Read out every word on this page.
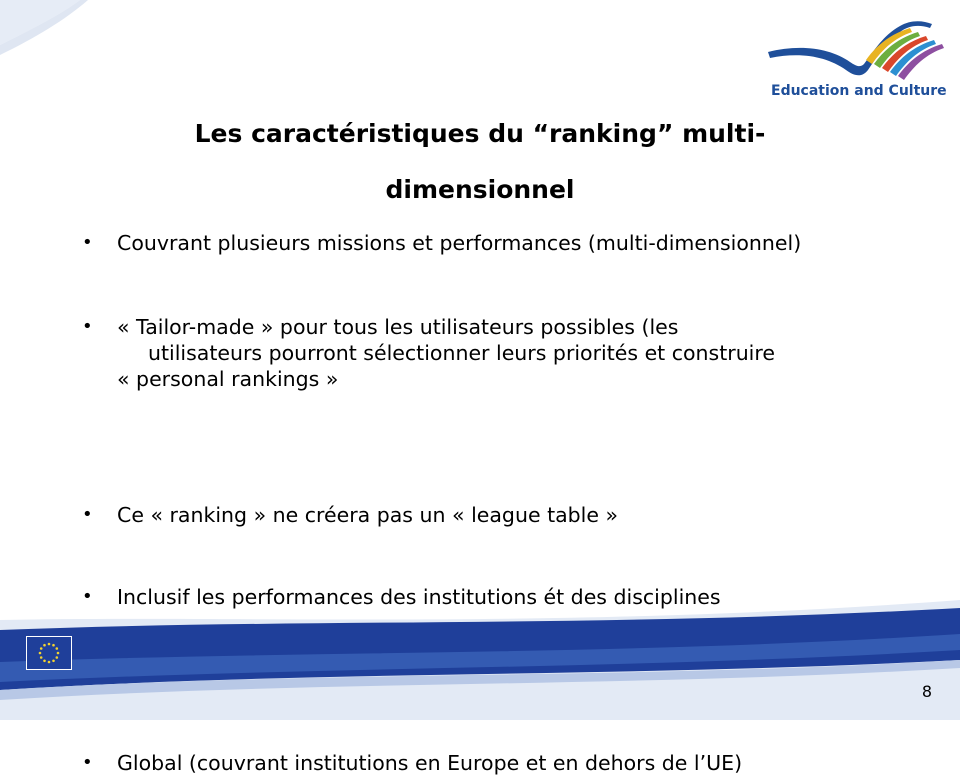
Education and Culture
Les caractéristiques du “ranking” multi-
dimensionnel
• Couvrant plusieurs missions et performances (multi-dimensionnel)
• « Tailor-made » pour tous les utilisateurs possibles (les
utilisateurs pourront sélectionner leurs priorités et construire
« personal rankings »
• Ce « ranking » ne créera pas un « league table »
• Inclusif les performances des institutions ét des disciplines
• Global (couvrant institutions en Europe et en dehors de l’UE)
8
